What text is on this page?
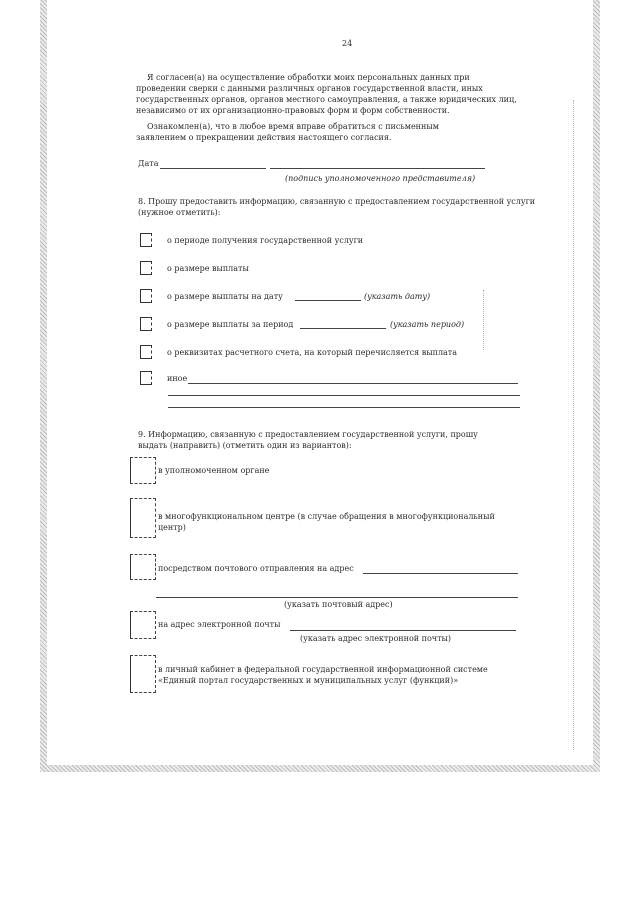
24
Я согласен(а) на осуществление обработки моих персональных данных при
проведении сверки с данными различных органов государственной власти, иных
государственных органов, органов местного самоуправления, а также юридических лиц,
независимо от их организационно-правовых форм и форм собственности.
Ознакомлен(а), что в любое время вправе обратиться с письменным
заявлением о прекращении действия настоящего согласия.
Дата
(подпись уполномоченного представителя)
8. Прошу предоставить информацию, связанную с предоставлением государственной услуги
(нужное отметить):
о периоде получения государственной услуги
о размере выплаты
о размере выплаты на дату	(указать дату)
о размере выплаты за период	(указать период)
о реквизитах расчетного счета, на который перечисляется выплата
иное
9. Информацию, связанную с предоставлением государственной услуги, прошу
выдать (направить) (отметить один из вариантов):
в уполномоченном органе
в многофункциональном центре (в случае обращения в многофункциональный
центр)
посредством почтового отправления на адрес
(указать почтовый адрес)
на адрес электронной почты
(указать адрес электронной почты)
в личный кабинет в федеральной государственной информационной системе
«Единый портал государственных и муниципальных услуг (функций)»
